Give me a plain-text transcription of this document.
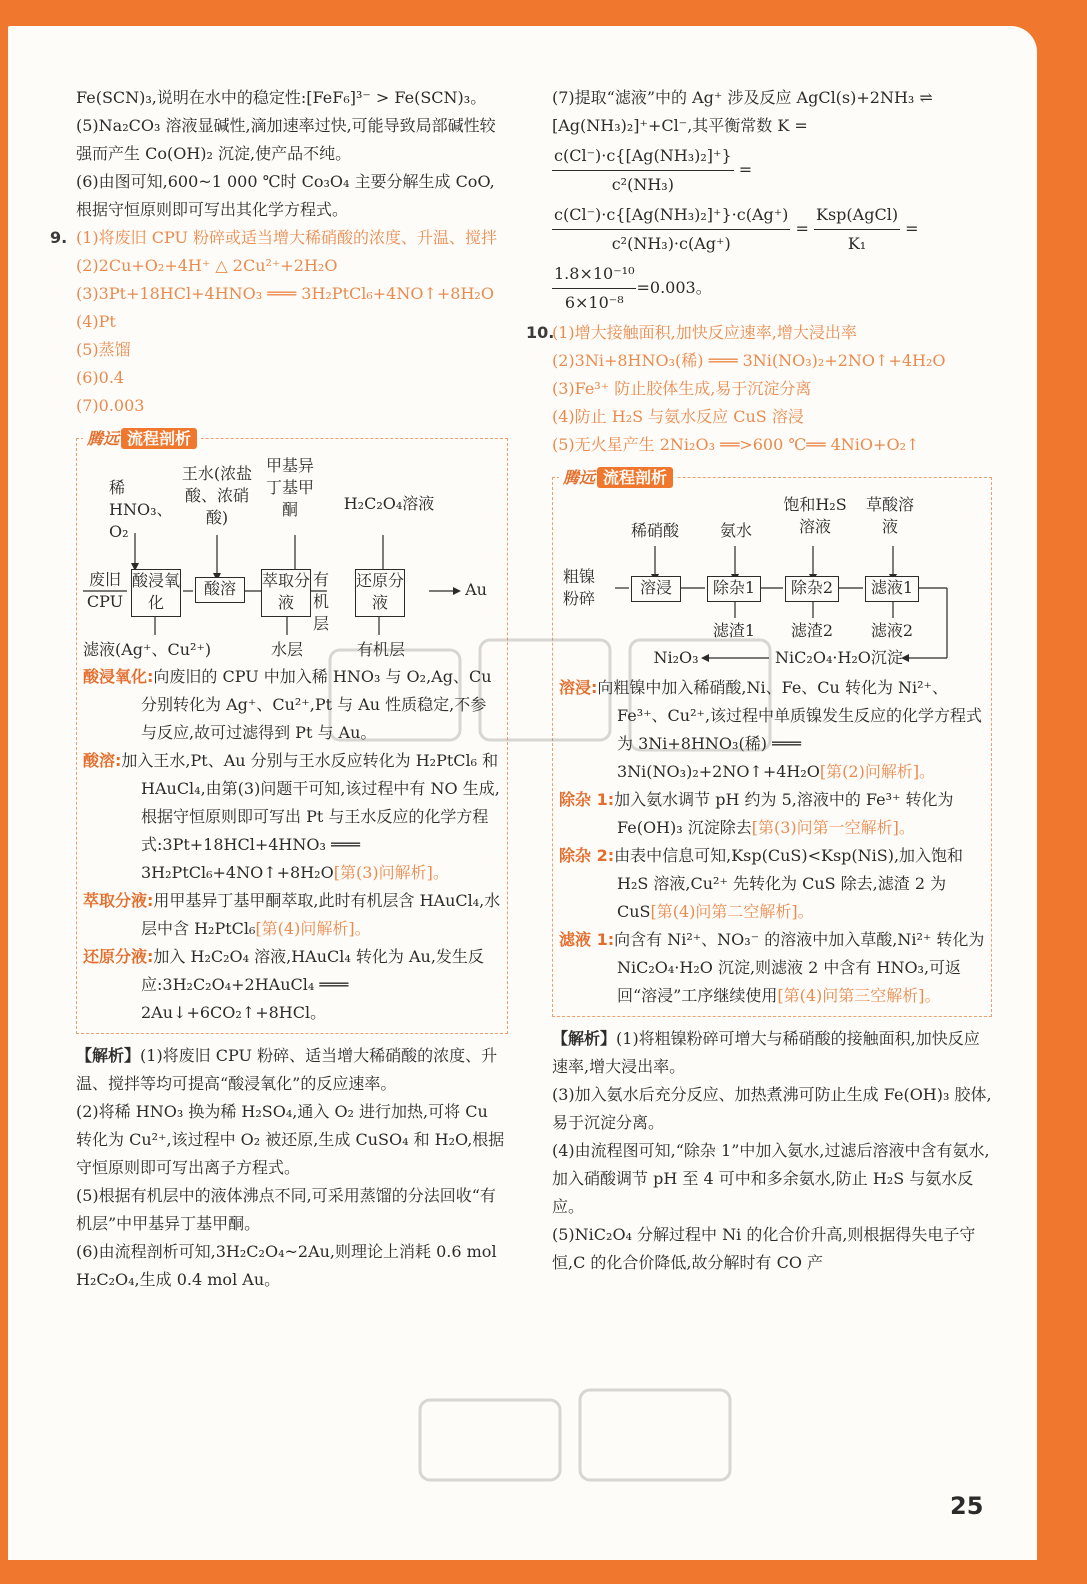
Fe(SCN)₃,说明在水中的稳定性:[FeF₆]³⁻ > Fe(SCN)₃。

(5)Na₂CO₃ 溶液显碱性,滴加速率过快,可能导致局部碱性较强而产生 Co(OH)₂ 沉淀,使产品不纯。

(6)由图可知,600~1 000 ℃时 Co₃O₄ 主要分解生成 CoO,根据守恒原则即可写出其化学方程式。

9. (1)将废旧 CPU 粉碎或适当增大稀硝酸的浓度、升温、搅拌

(2)2Cu+O₂+4H⁺ △ 2Cu²⁺+2H₂O

(3)3Pt+18HCl+4HNO₃ ═══ 3H₂PtCl₆+4NO↑+8H₂O

(4)Pt

(5)蒸馏

(6)0.4

(7)0.003

腾远 流程剖析
稀HNO₃、O₂
王水(浓盐酸、浓硝酸)
甲基异丁基甲酮	H₂C₂O₄溶液
废旧CPU
酸浸氧化
酸溶	萃取分液
有机层
还原分液
Au
滤液(Ag⁺、Cu²⁺)	水层	有机层

酸浸氧化:向废旧的 CPU 中加入稀 HNO₃ 与 O₂,Ag、Cu 分别转化为 Ag⁺、Cu²⁺,Pt 与 Au 性质稳定,不参与反应,故可过滤得到 Pt 与 Au。

酸溶:加入王水,Pt、Au 分别与王水反应转化为 H₂PtCl₆ 和 HAuCl₄,由第(3)问题干可知,该过程中有 NO 生成,根据守恒原则即可写出 Pt 与王水反应的化学方程式:3Pt+18HCl+4HNO₃ ═══ 3H₂PtCl₆+4NO↑+8H₂O[第(3)问解析]。

萃取分液:用甲基异丁基甲酮萃取,此时有机层含 HAuCl₄,水层中含 H₂PtCl₆[第(4)问解析]。

还原分液:加入 H₂C₂O₄ 溶液,HAuCl₄ 转化为 Au,发生反应:3H₂C₂O₄+2HAuCl₄ ═══ 2Au↓+6CO₂↑+8HCl。

【解析】(1)将废旧 CPU 粉碎、适当增大稀硝酸的浓度、升温、搅拌等均可提高“酸浸氧化”的反应速率。

(2)将稀 HNO₃ 换为稀 H₂SO₄,通入 O₂ 进行加热,可将 Cu 转化为 Cu²⁺,该过程中 O₂ 被还原,生成 CuSO₄ 和 H₂O,根据守恒原则即可写出离子方程式。

(5)根据有机层中的液体沸点不同,可采用蒸馏的分法回收“有机层”中甲基异丁基甲酮。

(6)由流程剖析可知,3H₂C₂O₄~2Au,则理论上消耗 0.6 mol H₂C₂O₄,生成 0.4 mol Au。

(7)提取“滤液”中的 Ag⁺ 涉及反应 AgCl(s)+2NH₃ ⇌ [Ag(NH₃)₂]⁺+Cl⁻,其平衡常数 K =

$\frac{\text{c(Cl⁻)·c\{[Ag(NH₃)₂]⁺\}}}{\text{c²(NH₃)}}$ =
$\frac{\text{c(Cl⁻)·c\{[Ag(NH₃)₂]⁺\}·c(Ag⁺)}}{\text{c²(NH₃)·c(Ag⁺)}} = \frac{\text{Ksp(AgCl)}}{\text{K₁}}$ =
$\frac{\text{1.8×10⁻¹⁰}}{\text{6×10⁻⁸}} =0.003$。
10.

(1)增大接触面积,加快反应速率,增大浸出率

(2)3Ni+8HNO₃(稀) ═══ 3Ni(NO₃)₂+2NO↑+4H₂O

(3)Fe³⁺ 防止胶体生成,易于沉淀分离

(4)防止 H₂S 与氨水反应 CuS 溶浸

(5)无火星产生 2Ni₂O₃ ══>600 ℃══ 4NiO+O₂↑

腾远 流程剖析
稀硝酸	氨水
饱和H₂S溶液
草酸溶液
粗镍粉碎
溶浸	除杂1	除杂2	滤液1
滤渣1	滤渣2	滤液2
Ni₂O₃	NiC₂O₄·H₂O沉淀

溶浸:向粗镍中加入稀硝酸,Ni、Fe、Cu 转化为 Ni²⁺、Fe³⁺、Cu²⁺,该过程中单质镍发生反应的化学方程式为 3Ni+8HNO₃(稀) ═══ 3Ni(NO₃)₂+2NO↑+4H₂O[第(2)问解析]。

除杂 1:加入氨水调节 pH 约为 5,溶液中的 Fe³⁺ 转化为 Fe(OH)₃ 沉淀除去[第(3)问第一空解析]。

除杂 2:由表中信息可知,Ksp(CuS)<Ksp(NiS),加入饱和 H₂S 溶液,Cu²⁺ 先转化为 CuS 除去,滤渣 2 为 CuS[第(4)问第二空解析]。

滤液 1:向含有 Ni²⁺、NO₃⁻ 的溶液中加入草酸,Ni²⁺ 转化为 NiC₂O₄·H₂O 沉淀,则滤液 2 中含有 HNO₃,可返回“溶浸”工序继续使用[第(4)问第三空解析]。

【解析】(1)将粗镍粉碎可增大与稀硝酸的接触面积,加快反应速率,增大浸出率。

(3)加入氨水后充分反应、加热煮沸可防止生成 Fe(OH)₃ 胶体,易于沉淀分离。

(4)由流程图可知,“除杂 1”中加入氨水,过滤后溶液中含有氨水,加入硝酸调节 pH 至 4 可中和多余氨水,防止 H₂S 与氨水反应。

(5)NiC₂O₄ 分解过程中 Ni 的化合价升高,则根据得失电子守恒,C 的化合价降低,故分解时有 CO 产

25
